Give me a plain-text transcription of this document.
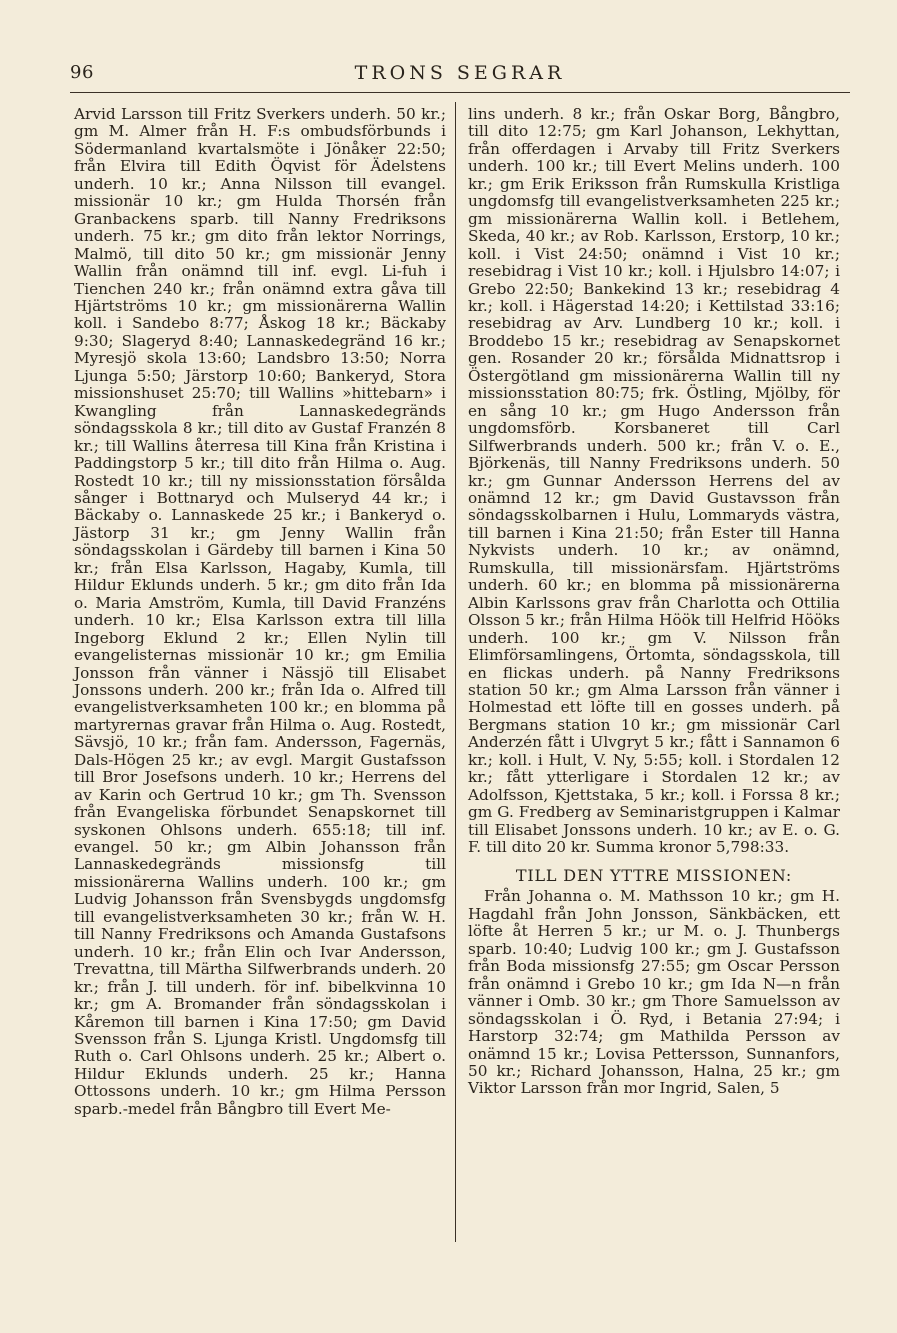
96	TRONS SEGRAR

Arvid Larsson till Fritz Sverkers underh. 50 kr.; gm M. Almer från H. F:s ombudsförbunds i Södermanland kvartalsmöte i Jönåker 22:50; från Elvira till Edith Öqvist för Ädelstens underh. 10 kr.; Anna Nilsson till evangel. missionär 10 kr.; gm Hulda Thorsén från Granbackens sparb. till Nanny Fredriksons underh. 75 kr.; gm dito från lektor Norrings, Malmö, till dito 50 kr.; gm missionär Jenny Wallin från onämnd till inf. evgl. Li-fuh i Tienchen 240 kr.; från onämnd extra gåva till Hjärtströms 10 kr.; gm missionärerna Wallin koll. i Sandebo 8:77; Åskog 18 kr.; Bäckaby 9:30; Slageryd 8:40; Lannaskedegränd 16 kr.; Myresjö skola 13:60; Landsbro 13:50; Norra Ljunga 5:50; Järstorp 10:60; Bankeryd, Stora missionshuset 25:70; till Wallins »hittebarn» i Kwangling från Lannaskedegränds söndagsskola 8 kr.; till dito av Gustaf Franzén 8 kr.; till Wallins återresa till Kina från Kristina i Paddingstorp 5 kr.; till dito från Hilma o. Aug. Rostedt 10 kr.; till ny missionsstation försålda sånger i Bottnaryd och Mulseryd 44 kr.; i Bäckaby o. Lannaskede 25 kr.; i Bankeryd o. Jästorp 31 kr.; gm Jenny Wallin från söndagsskolan i Gärdeby till barnen i Kina 50 kr.; från Elsa Karlsson, Hagaby, Kumla, till Hildur Eklunds underh. 5 kr.; gm dito från Ida o. Maria Amström, Kumla, till David Franzéns underh. 10 kr.; Elsa Karlsson extra till lilla Ingeborg Eklund 2 kr.; Ellen Nylin till evangelisternas missionär 10 kr.; gm Emilia Jonsson från vänner i Nässjö till Elisabet Jonssons underh. 200 kr.; från Ida o. Alfred till evangelistverksamheten 100 kr.; en blomma på martyrernas gravar från Hilma o. Aug. Rostedt, Sävsjö, 10 kr.; från fam. Andersson, Fagernäs, Dals-Högen 25 kr.; av evgl. Margit Gustafsson till Bror Josefsons underh. 10 kr.; Herrens del av Karin och Gertrud 10 kr.; gm Th. Svensson från Evangeliska förbundet Senapskornet till syskonen Ohlsons underh. 655:18; till inf. evangel. 50 kr.; gm Albin Johansson från Lannaskedegränds missionsfg till missionärerna Wallins underh. 100 kr.; gm Ludvig Johansson från Svensbygds ungdomsfg till evangelistverksamheten 30 kr.; från W. H. till Nanny Fredriksons och Amanda Gustafsons underh. 10 kr.; från Elin och Ivar Andersson, Trevattna, till Märtha Silfwerbrands underh. 20 kr.; från J. till underh. för inf. bibelkvinna 10 kr.; gm A. Bromander från söndagsskolan i Kåremon till barnen i Kina 17:50; gm David Svensson från S. Ljunga Kristl. Ungdomsfg till Ruth o. Carl Ohlsons underh. 25 kr.; Albert o. Hildur Eklunds underh. 25 kr.; Hanna Ottossons underh. 10 kr.; gm Hilma Persson sparb.-medel från Bångbro till Evert Me-

lins underh. 8 kr.; från Oskar Borg, Bångbro, till dito 12:75; gm Karl Johanson, Lekhyttan, från offerdagen i Arvaby till Fritz Sverkers underh. 100 kr.; till Evert Melins underh. 100 kr.; gm Erik Eriksson från Rumskulla Kristliga ungdomsfg till evangelistverksamheten 225 kr.; gm missionärerna Wallin koll. i Betlehem, Skeda, 40 kr.; av Rob. Karlsson, Erstorp, 10 kr.; koll. i Vist 24:50; onämnd i Vist 10 kr.; resebidrag i Vist 10 kr.; koll. i Hjulsbro 14:07; i Grebo 22:50; Bankekind 13 kr.; resebidrag 4 kr.; koll. i Hägerstad 14:20; i Kettilstad 33:16; resebidrag av Arv. Lundberg 10 kr.; koll. i Broddebo 15 kr.; resebidrag av Senapskornet gen. Rosander 20 kr.; försålda Midnattsrop i Östergötland gm missionärerna Wallin till ny missionsstation 80:75; frk. Östling, Mjölby, för en sång 10 kr.; gm Hugo Andersson från ungdomsförb. Korsbaneret till Carl Silfwerbrands underh. 500 kr.; från V. o. E., Björkenäs, till Nanny Fredriksons underh. 50 kr.; gm Gunnar Andersson Herrens del av onämnd 12 kr.; gm David Gustavsson från söndagsskolbarnen i Hulu, Lommaryds västra, till barnen i Kina 21:50; från Ester till Hanna Nykvists underh. 10 kr.; av onämnd, Rumskulla, till missionärsfam. Hjärtströms underh. 60 kr.; en blomma på missionärerna Albin Karlssons grav från Charlotta och Ottilia Olsson 5 kr.; från Hilma Höök till Helfrid Hööks underh. 100 kr.; gm V. Nilsson från Elimförsamlingens, Örtomta, söndagsskola, till en flickas underh. på Nanny Fredriksons station 50 kr.; gm Alma Larsson från vänner i Holmestad ett löfte till en gosses underh. på Bergmans station 10 kr.; gm missionär Carl Anderzén fått i Ulvgryt 5 kr.; fått i Sannamon 6 kr.; koll. i Hult, V. Ny, 5:55; koll. i Stordalen 12 kr.; fått ytterligare i Stordalen 12 kr.; av Adolfsson, Kjettstaka, 5 kr.; koll. i Forssa 8 kr.; gm G. Fredberg av Seminaristgruppen i Kalmar till Elisabet Jonssons underh. 10 kr.; av E. o. G. F. till dito 20 kr. Summa kronor 5,798:33.

TILL DEN YTTRE MISSIONEN:

Från Johanna o. M. Mathsson 10 kr.; gm H. Hagdahl från John Jonsson, Sänkbäcken, ett löfte åt Herren 5 kr.; ur M. o. J. Thunbergs sparb. 10:40; Ludvig 100 kr.; gm J. Gustafsson från Boda missionsfg 27:55; gm Oscar Persson från onämnd i Grebo 10 kr.; gm Ida N—n från vänner i Omb. 30 kr.; gm Thore Samuelsson av söndagsskolan i Ö. Ryd, i Betania 27:94; i Harstorp 32:74; gm Mathilda Persson av onämnd 15 kr.; Lovisa Pettersson, Sunnanfors, 50 kr.; Richard Johansson, Halna, 25 kr.; gm Viktor Larsson från mor Ingrid, Salen, 5
